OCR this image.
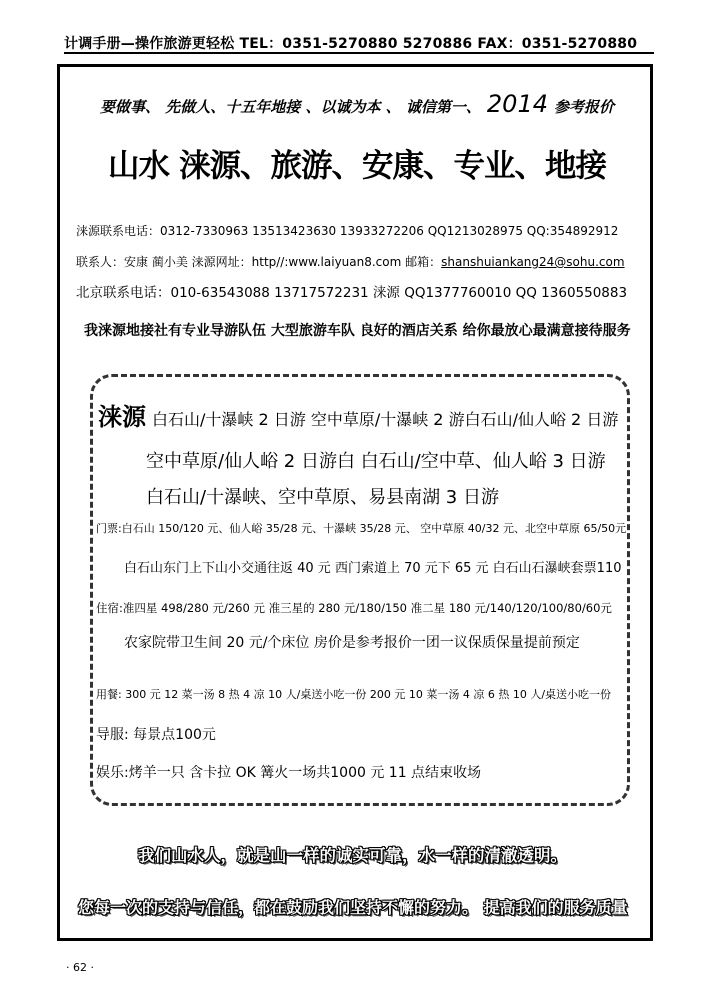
计调手册—操作旅游更轻松 TEL：0351-5270880 5270886 FAX：0351-5270880
要做事、 先做人、十五年地接 、以诚为本 、 诚信第一、 2014 参考报价
山水 涞源、旅游、安康、专业、地接
涞源联系电话：0312-7330963 13513423630 13933272206 QQ1213028975 QQ:354892912
联系人：安康 蔺小美 涞源网址：http//:www.laiyuan8.com 邮箱：shanshuiankang24@sohu.com
北京联系电话：010-63543088 13717572231 涞源 QQ1377760010 QQ 1360550883
我涞源地接社有专业导游队伍 大型旅游车队 良好的酒店关系 给你最放心最满意接待服务
涞源 白石山/十瀑峡 2 日游 空中草原/十瀑峡 2 游白石山/仙人峪 2 日游
空中草原/仙人峪 2 日游白 白石山/空中草、仙人峪 3 日游
白石山/十瀑峡、空中草原、易县南湖 3 日游
门票:白石山 150/120 元、仙人峪 35/28 元、十瀑峡 35/28 元、 空中草原 40/32 元、北空中草原 65/50元
白石山东门上下山小交通往返 40 元 西门索道上 70 元下 65 元 白石山石瀑峡套票110
住宿:准四星 498/280 元/260 元 准三星的 280 元/180/150 准二星 180 元/140/120/100/80/60元
农家院带卫生间 20 元/个床位 房价是参考报价一团一议保质保量提前预定
用餐: 300 元 12 菜一汤 8 热 4 凉 10 人/桌送小吃一份 200 元 10 菜一汤 4 凉 6 热 10 人/桌送小吃一份
导服: 每景点100元
娱乐:烤羊一只 含卡拉 OK 篝火一场共1000 元 11 点结束收场
我们山水人，就是山一样的诚实可靠，水一样的清澈透明。
您每一次的支持与信任，都在鼓励我们坚持不懈的努力。 提高我们的服务质量
· 62 ·
